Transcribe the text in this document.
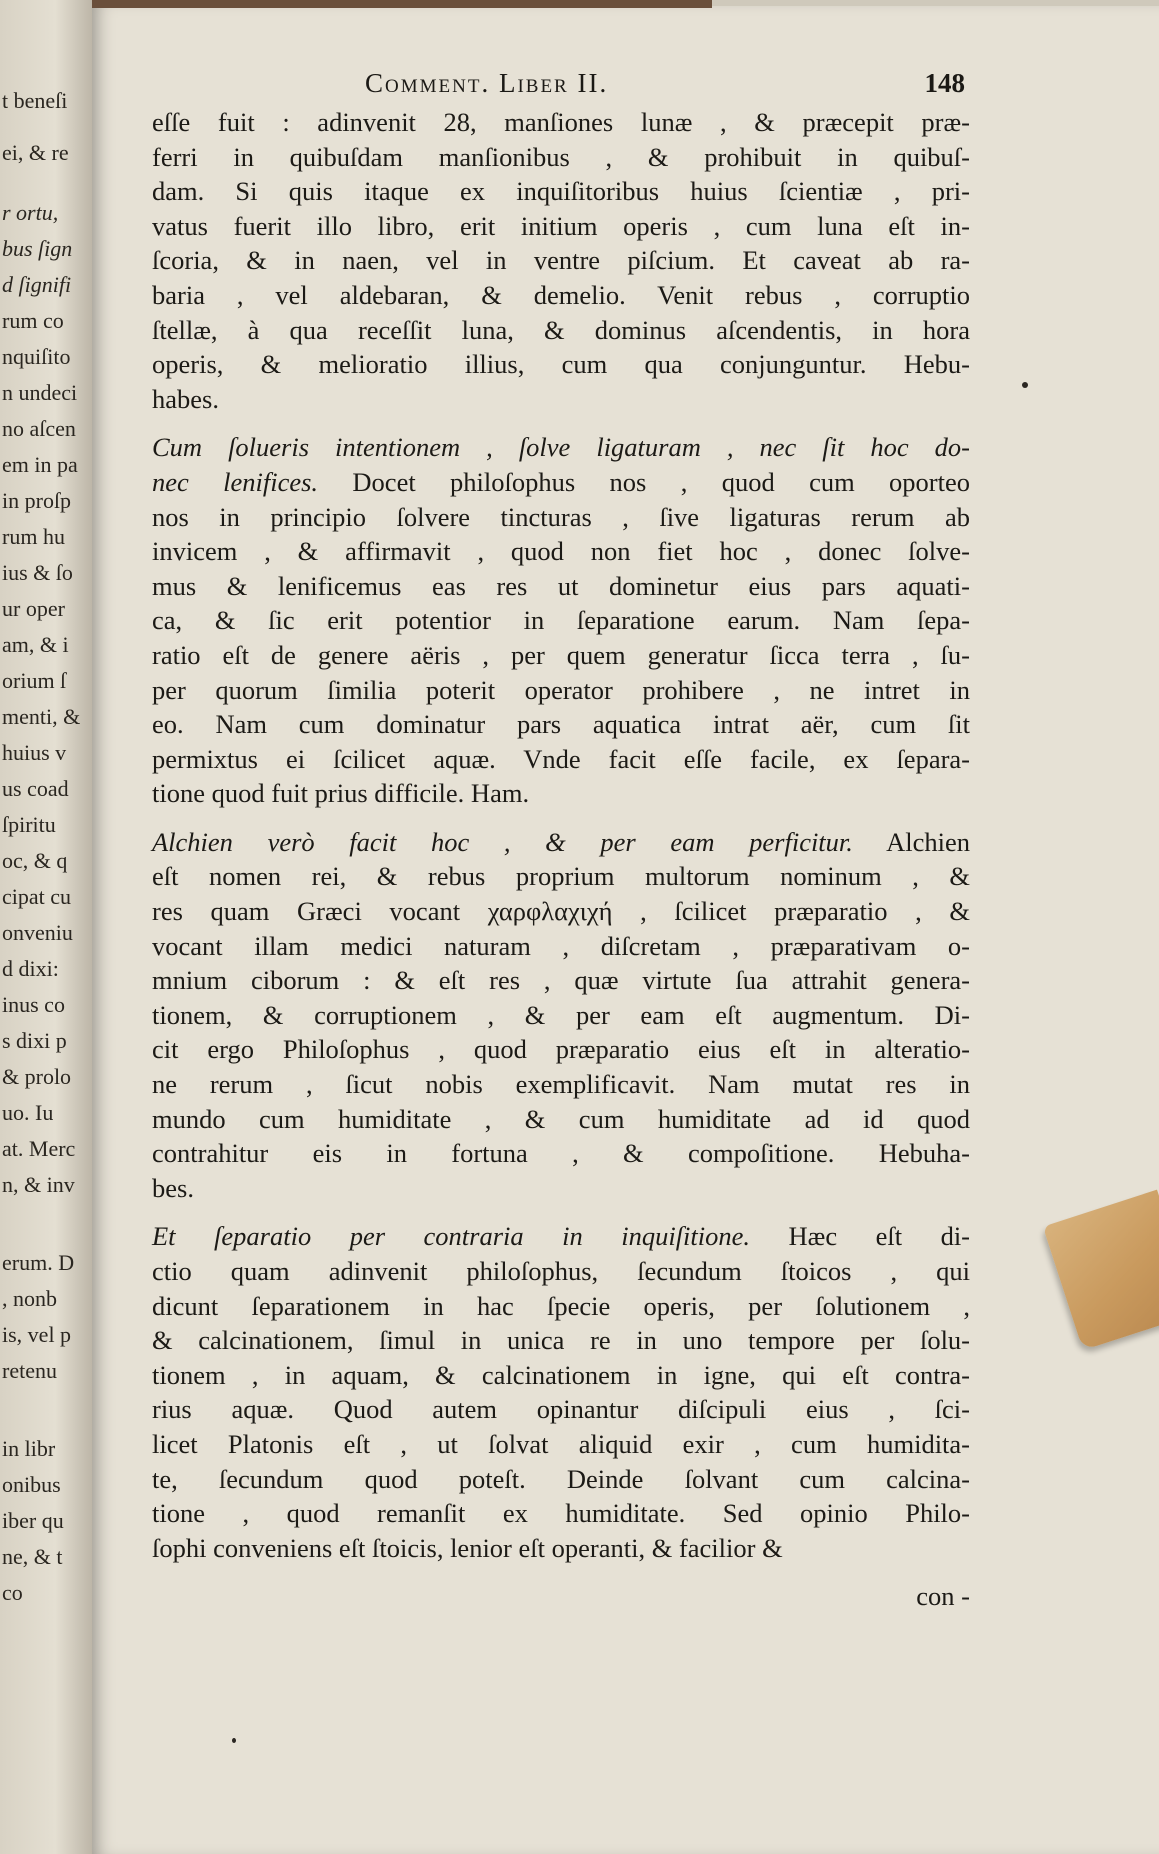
t beneſi
ei, & re
r ortu,
bus ſign
d ſignifi
rum co
nquiſito
n undeci
no aſcen
em in pa
in proſp
rum hu
ius & ſo
ur oper
am, & i
orium ſ
menti, &
huius v
us coad
ſpiritu
oc, & q
cipat cu
onveniu
d dixi:
inus co
s dixi p
& prolo
uo. Iu
at. Merc
n, & inv
erum. D
, nonb
is, vel p
retenu
in libr
onibus
iber qu
ne, & t
co
Comment. Liber II.	148
eſſe fuit : adinvenit 28, manſiones lunæ , & præcepit præ-
ferri in quibuſdam manſionibus , & prohibuit in quibuſ-
dam. Si quis itaque ex inquiſitoribus huius ſcientiæ , pri-
vatus fuerit illo libro, erit initium operis , cum luna eſt in-
ſcoria, & in naen, vel in ventre piſcium. Et caveat ab ra-
baria , vel aldebaran, & demelio. Venit rebus , corruptio
ſtellæ, à qua receſſit luna, & dominus aſcendentis, in hora
operis, & melioratio illius, cum qua conjunguntur. Hebu-
habes.
Cum ſolueris intentionem , ſolve ligaturam , nec ſit hoc do-
nec lenifices. Docet philoſophus nos , quod cum oporteo
nos in principio ſolvere tincturas , ſive ligaturas rerum ab
invicem , & affirmavit , quod non fiet hoc , donec ſolve-
mus & lenificemus eas res ut dominetur eius pars aquati-
ca, & ſic erit potentior in ſeparatione earum. Nam ſepa-
ratio eſt de genere aëris , per quem generatur ſicca terra , ſu-
per quorum ſimilia poterit operator prohibere , ne intret in
eo. Nam cum dominatur pars aquatica intrat aër, cum ſit
permixtus ei ſcilicet aquæ. Vnde facit eſſe facile, ex ſepara-
tione quod fuit prius difficile. Ham.
Alchien verò facit hoc , & per eam perficitur. Alchien
eſt nomen rei, & rebus proprium multorum nominum , &
res quam Græci vocant χαρφλαχιχή , ſcilicet præparatio , &
vocant illam medici naturam , diſcretam , præparativam o-
mnium ciborum : & eſt res , quæ virtute ſua attrahit genera-
tionem, & corruptionem , & per eam eſt augmentum. Di-
cit ergo Philoſophus , quod præparatio eius eſt in alteratio-
ne rerum , ſicut nobis exemplificavit. Nam mutat res in
mundo cum humiditate , & cum humiditate ad id quod
contrahitur eis in fortuna , & compoſitione. Hebuha-
bes.
Et ſeparatio per contraria in inquiſitione. Hæc eſt di-
ctio quam adinvenit philoſophus, ſecundum ſtoicos , qui
dicunt ſeparationem in hac ſpecie operis, per ſolutionem ,
& calcinationem, ſimul in unica re in uno tempore per ſolu-
tionem , in aquam, & calcinationem in igne, qui eſt contra-
rius aquæ. Quod autem opinantur diſcipuli eius , ſci-
licet Platonis eſt , ut ſolvat aliquid exir , cum humidita-
te, ſecundum quod poteſt. Deinde ſolvant cum calcina-
tione , quod remanſit ex humiditate. Sed opinio Philo-
ſophi conveniens eſt ſtoicis, lenior eſt operanti, & facilior &
con -
